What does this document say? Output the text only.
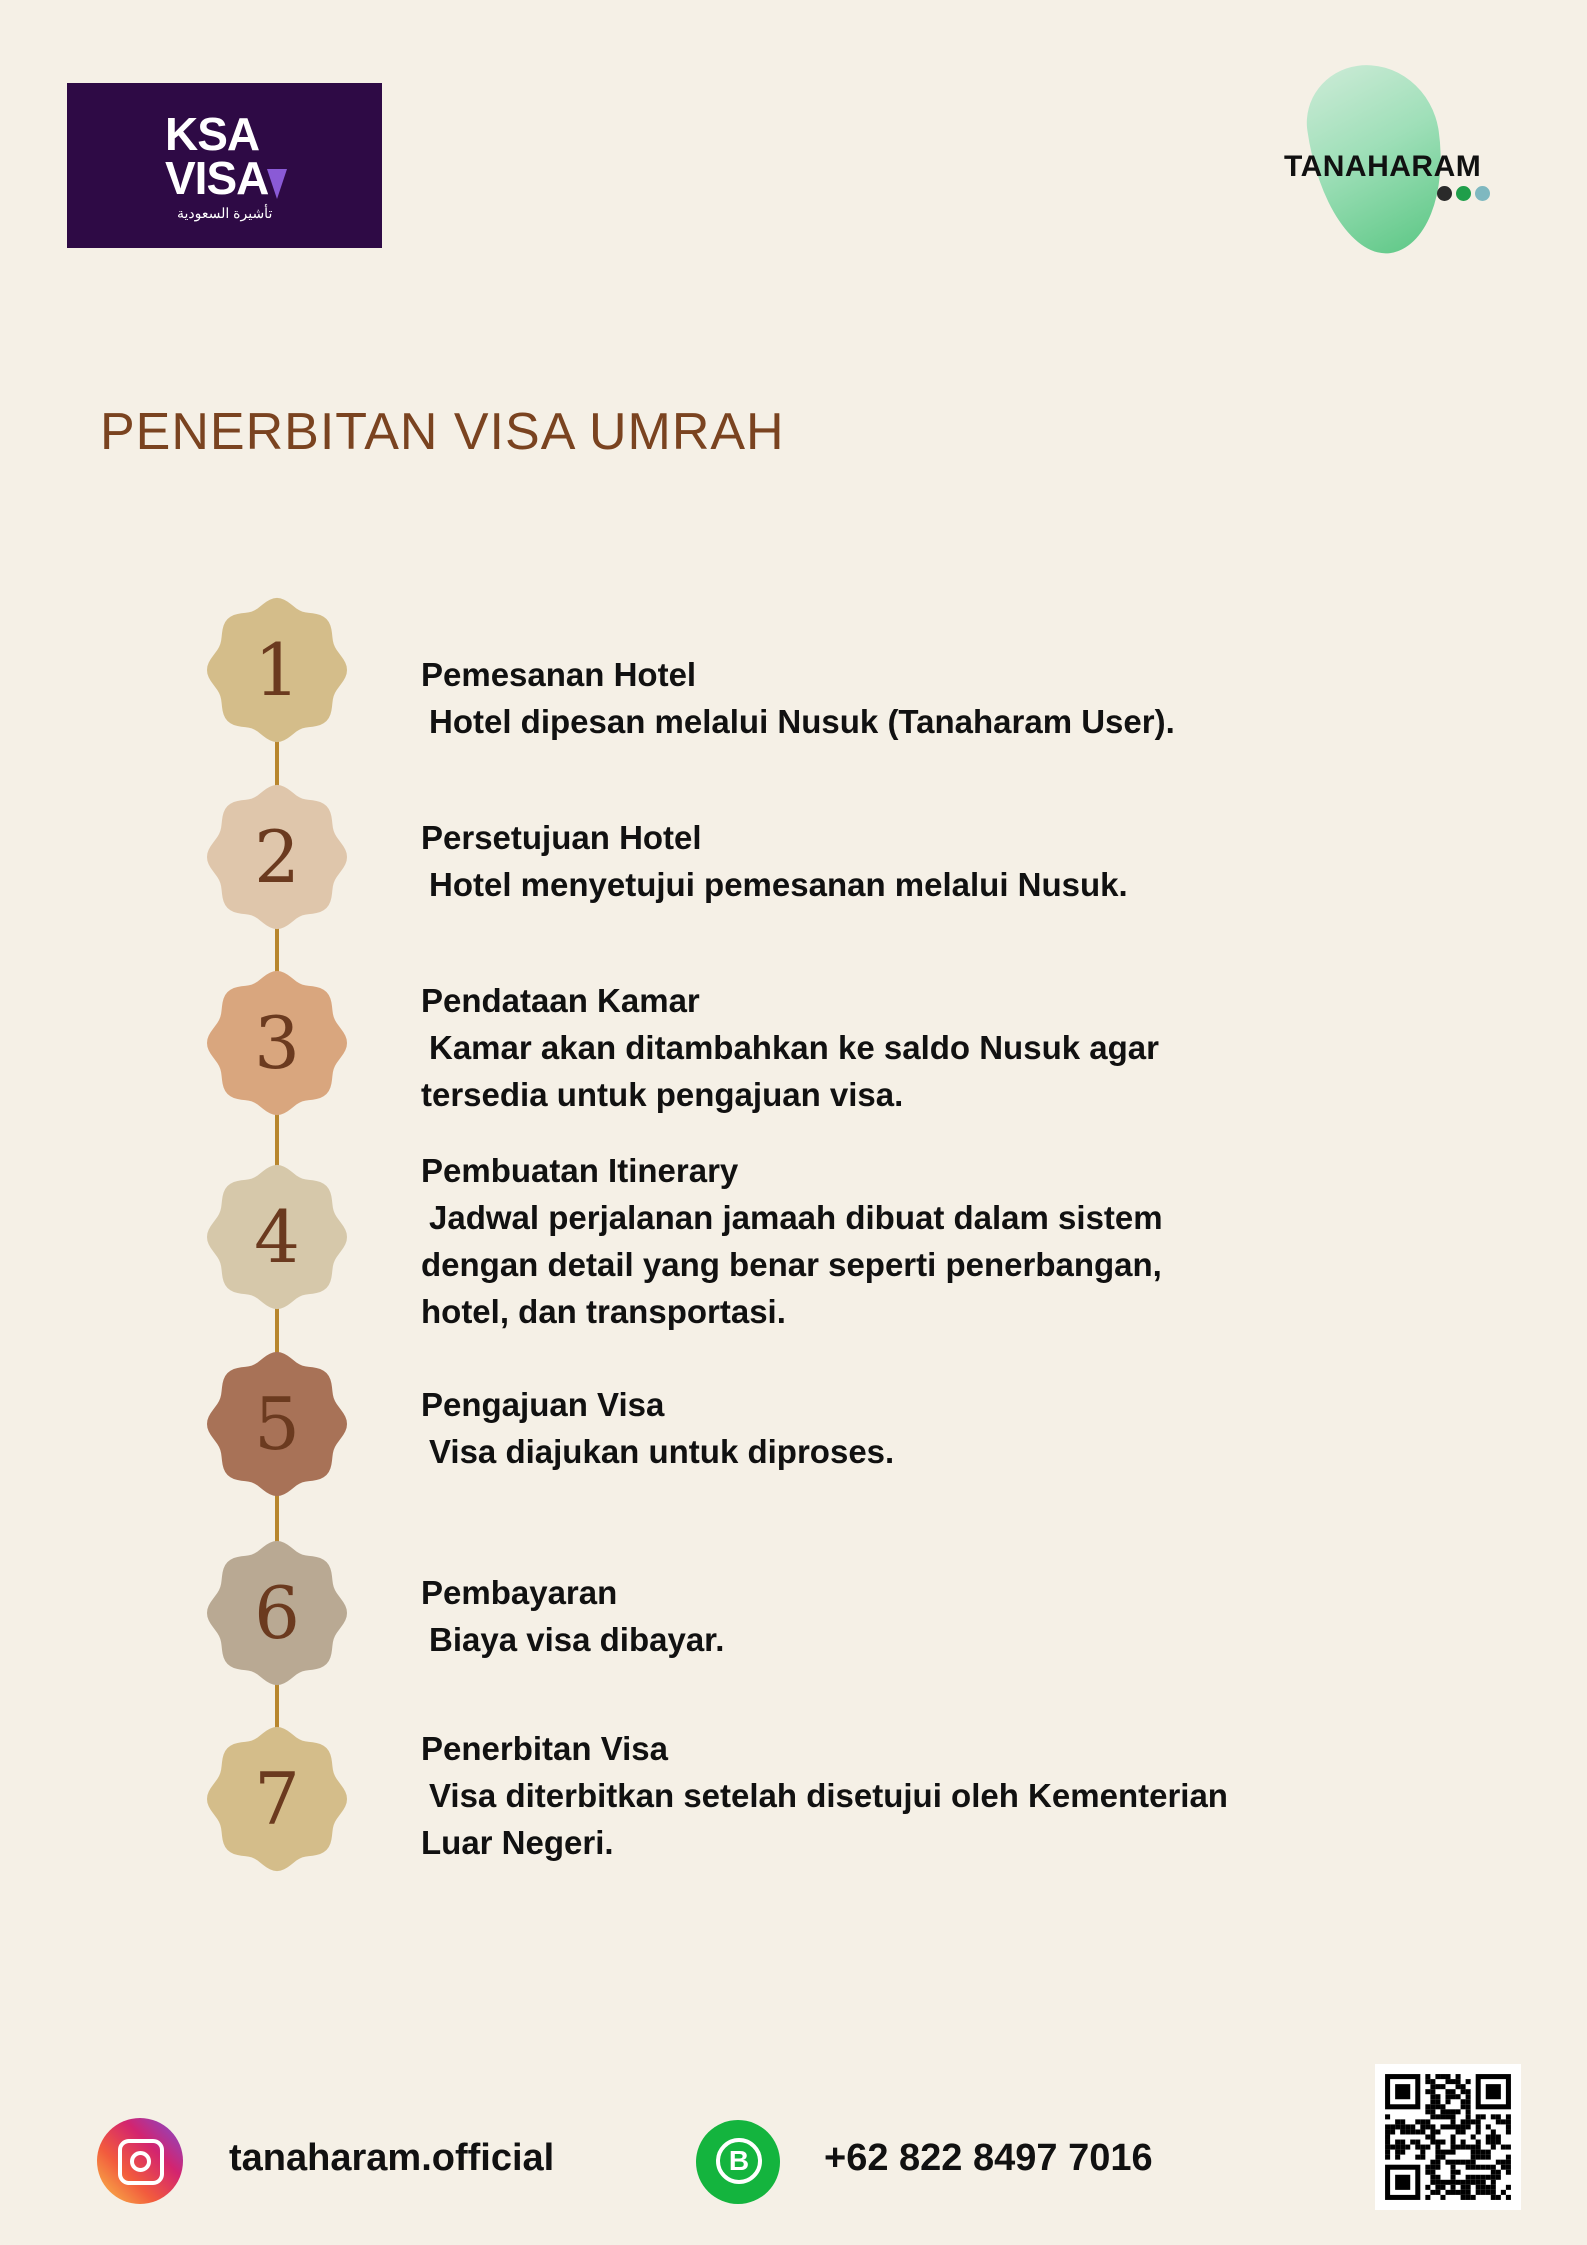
KSA
VISA
تأشيرة السعودية
TANAHARAM
PENERBITAN VISA UMRAH
1	Pemesanan Hotel
Hotel dipesan melalui Nusuk (Tanaharam User).
2	Persetujuan Hotel
Hotel menyetujui pemesanan melalui Nusuk.
3
Pendataan Kamar
Kamar akan ditambahkan ke saldo Nusuk agar
tersedia untuk pengajuan visa.
4
Pembuatan Itinerary
Jadwal perjalanan jamaah dibuat dalam sistem
dengan detail yang benar seperti penerbangan,
hotel, dan transportasi.
5	Pengajuan Visa
Visa diajukan untuk diproses.
6	Pembayaran
Biaya visa dibayar.
7
Penerbitan Visa
Visa diterbitkan setelah disetujui oleh Kementerian
Luar Negeri.
tanaharam.official	B	+62 822 8497 7016
